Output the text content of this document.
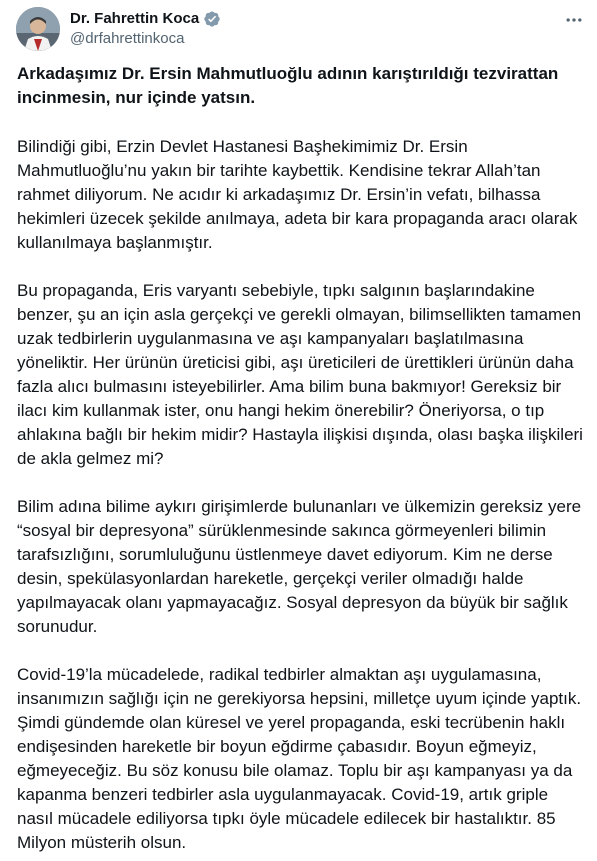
Dr. Fahrettin Koca
@drfahrettinkoca
Arkadaşımız Dr. Ersin Mahmutluoğlu adının karıştırıldığı tezvirattan incinmesin, nur içinde yatsın.

Bilindiği gibi, Erzin Devlet Hastanesi Başhekimimiz Dr. Ersin Mahmutluoğlu’nu yakın bir tarihte kaybettik. Kendisine tekrar Allah’tan rahmet diliyorum. Ne acıdır ki arkadaşımız Dr. Ersin’in vefatı, bilhassa hekimleri üzecek şekilde anılmaya, adeta bir kara propaganda aracı olarak kullanılmaya başlanmıştır.

Bu propaganda, Eris varyantı sebebiyle, tıpkı salgının başlarındakine benzer, şu an için asla gerçekçi ve gerekli olmayan, bilimsellikten tamamen uzak tedbirlerin uygulanmasına ve aşı kampanyaları başlatılmasına yöneliktir. Her ürünün üreticisi gibi, aşı üreticileri de ürettikleri ürünün daha fazla alıcı bulmasını isteyebilirler. Ama bilim buna bakmıyor! Gereksiz bir ilacı kim kullanmak ister, onu hangi hekim önerebilir? Öneriyorsa, o tıp ahlakına bağlı bir hekim midir? Hastayla ilişkisi dışında, olası başka ilişkileri de akla gelmez mi?

Bilim adına bilime aykırı girişimlerde bulunanları ve ülkemizin gereksiz yere “sosyal bir depresyona” sürüklenmesinde sakınca görmeyenleri bilimin tarafsızlığını, sorumluluğunu üstlenmeye davet ediyorum. Kim ne derse desin, spekülasyonlardan hareketle, gerçekçi veriler olmadığı halde yapılmayacak olanı yapmayacağız. Sosyal depresyon da büyük bir sağlık sorunudur.

Covid-19’la mücadelede, radikal tedbirler almaktan aşı uygulamasına, insanımızın sağlığı için ne gerekiyorsa hepsini, milletçe uyum içinde yaptık. Şimdi gündemde olan küresel ve yerel propaganda, eski tecrübenin haklı endişesinden hareketle bir boyun eğdirme çabasıdır. Boyun eğmeyiz, eğmeyeceğiz. Bu söz konusu bile olamaz. Toplu bir aşı kampanyası ya da kapanma benzeri tedbirler asla uygulanmayacak. Covid-19, artık griple nasıl mücadele ediliyorsa tıpkı öyle mücadele edilecek bir hastalıktır. 85 Milyon müsterih olsun.
